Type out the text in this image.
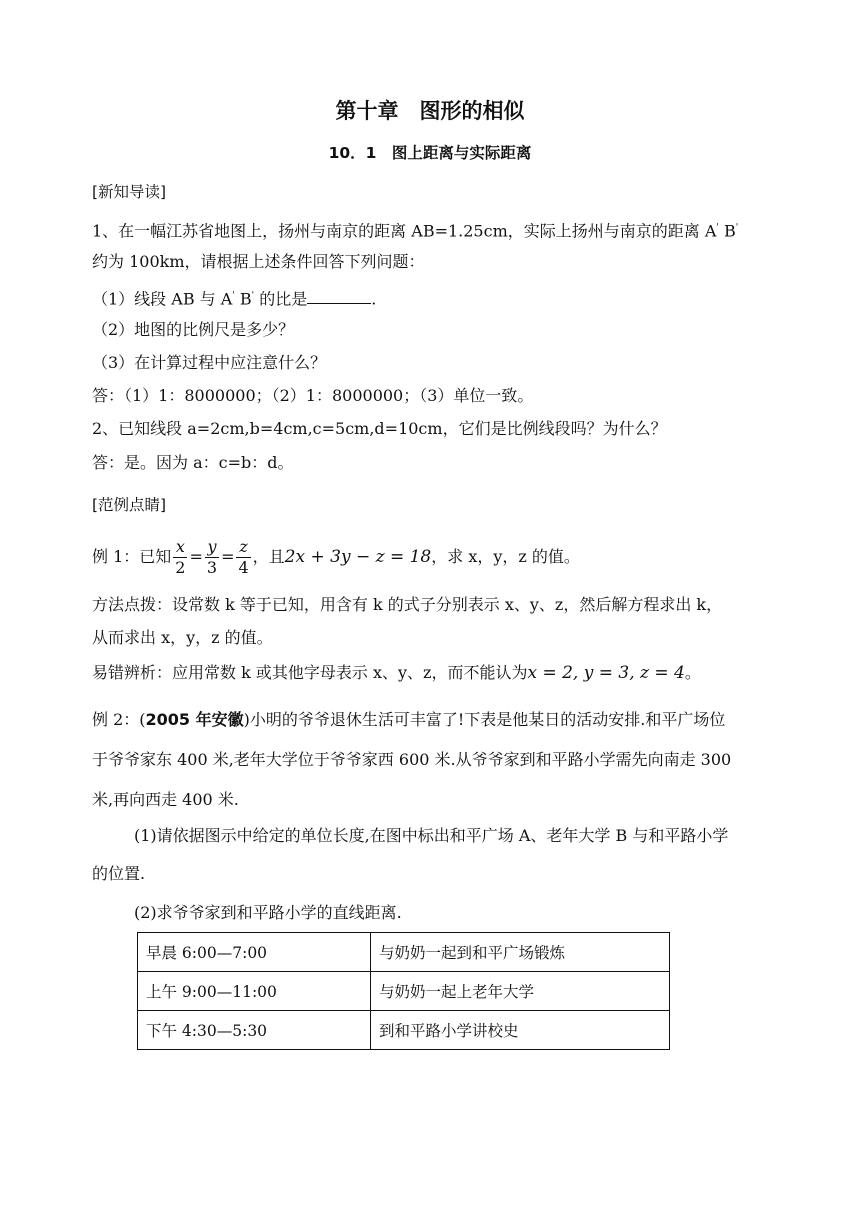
第十章　图形的相似
10．1　图上距离与实际距离
[新知导读]
1、在一幅江苏省地图上，扬州与南京的距离 AB=1.25cm，实际上扬州与南京的距离 A' B'
约为 100km，请根据上述条件回答下列问题：
（1）线段 AB 与 A' B' 的比是	.
（2）地图的比例尺是多少？
（3）在计算过程中应注意什么？
答：（1）1：8000000；（2）1：8000000；（3）单位一致。
2、已知线段 a=2cm,b=4cm,c=5cm,d=10cm，它们是比例线段吗？为什么？
答：是。因为 a：c=b：d。
[范例点睛]
例 1：已知 $\frac{x}{2} = \frac{y}{3} = \frac{z}{4}$ ，且 2x + 3y − z = 18 ，求 x，y，z 的值。
方法点拨：设常数 k 等于已知，用含有 k 的式子分别表示 x、y、z，然后解方程求出 k，
从而求出 x，y，z 的值。
易错辨析：应用常数 k 或其他字母表示 x、y、z，而不能认为x = 2, y = 3, z = 4。
例 2：(2005 年安徽)小明的爷爷退休生活可丰富了!下表是他某日的活动安排.和平广场位
于爷爷家东 400 米,老年大学位于爷爷家西 600 米.从爷爷家到和平路小学需先向南走 300
米,再向西走 400 米.
(1)请依据图示中给定的单位长度,在图中标出和平广场 A、老年大学 B 与和平路小学
的位置.
(2)求爷爷家到和平路小学的直线距离.
早晨 6:00—7:00	与奶奶一起到和平广场锻炼
上午 9:00—11:00	与奶奶一起上老年大学
下午 4:30—5:30	到和平路小学讲校史
